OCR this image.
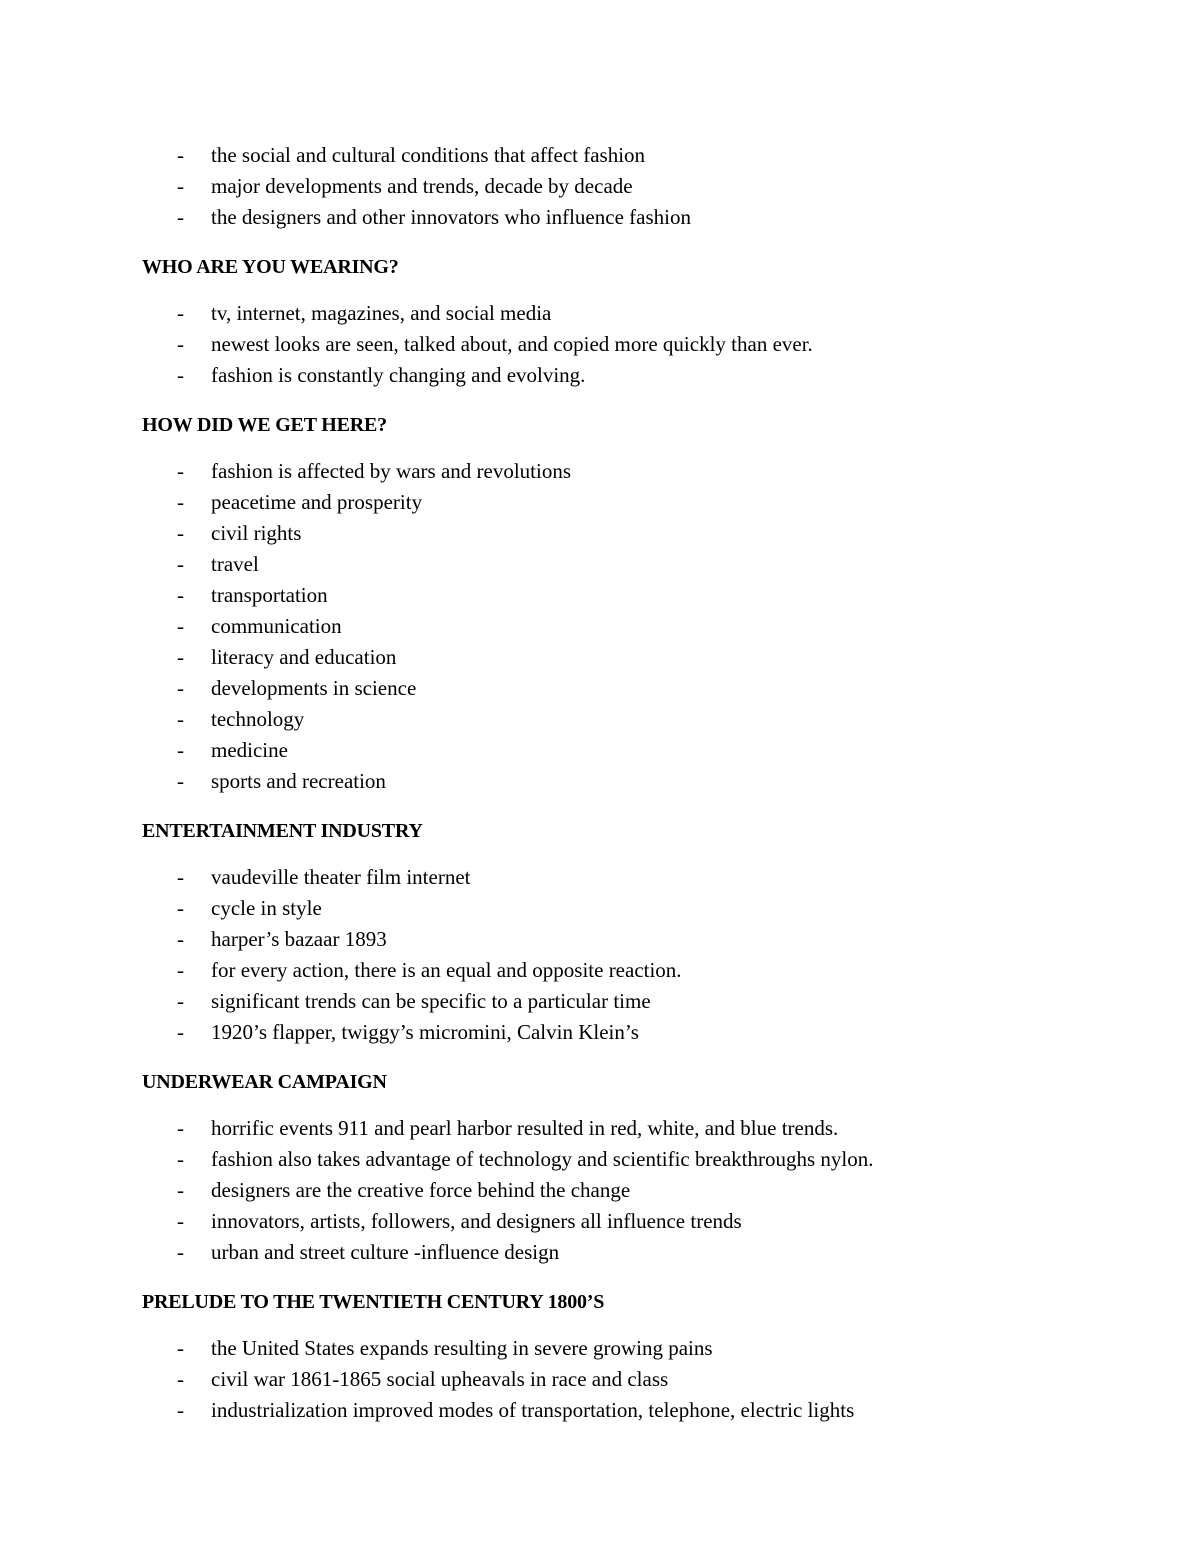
- the social and cultural conditions that affect fashion
- major developments and trends, decade by decade
- the designers and other innovators who influence fashion
WHO ARE YOU WEARING?
- tv, internet, magazines, and social media
- newest looks are seen, talked about, and copied more quickly than ever.
- fashion is constantly changing and evolving.
HOW DID WE GET HERE?
- fashion is affected by wars and revolutions
- peacetime and prosperity
- civil rights
- travel
- transportation
- communication
- literacy and education
- developments in science
- technology
- medicine
- sports and recreation
ENTERTAINMENT INDUSTRY
- vaudeville theater film internet
- cycle in style
- harper’s bazaar 1893
- for every action, there is an equal and opposite reaction.
- significant trends can be specific to a particular time
- 1920’s flapper, twiggy’s micromini, Calvin Klein’s
UNDERWEAR CAMPAIGN
- horrific events 911 and pearl harbor resulted in red, white, and blue trends.
- fashion also takes advantage of technology and scientific breakthroughs nylon.
- designers are the creative force behind the change
- innovators, artists, followers, and designers all influence trends
- urban and street culture -influence design
PRELUDE TO THE TWENTIETH CENTURY 1800’S
- the United States expands resulting in severe growing pains
- civil war 1861-1865 social upheavals in race and class
- industrialization improved modes of transportation, telephone, electric lights
